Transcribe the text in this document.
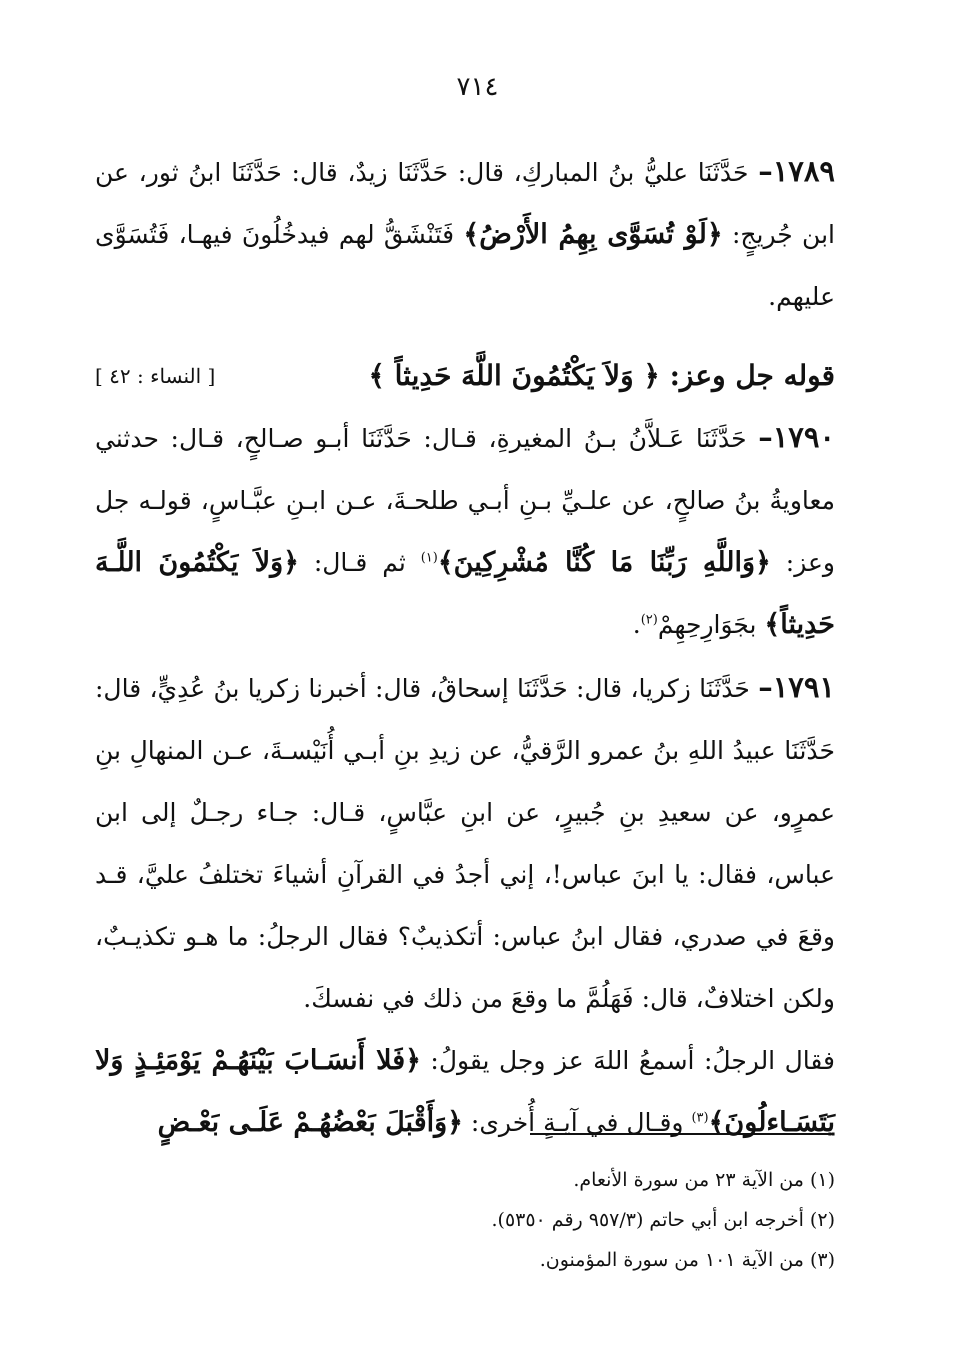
٧١٤

١٧٨٩– حَدَّثَنَا عليُّ بنُ المباركِ، قال: حَدَّثَنَا زيدٌ، قال: حَدَّثَنَا ابنُ ثور، عن ابن جُريجٍ: ﴿لَوْ تُسَوَّى بِهِمُ الأَرْضُ﴾ فَتَنْشَقُّ لهم فيدخُلُونَ فيهـا، فَتُسَوَّى عليهم.

قوله جل وعز: ﴿ وَلاَ يَكْتُمُونَ اللَّهَ حَدِيثاً ﴾
[ النساء : ٤٢ ]

١٧٩٠– حَدَّثَنَا عَـلاَّنُ بـنُ المغيرةِ، قـال: حَدَّثَنَا أبـو صـالحٍ، قـال: حدثني معاويةُ بنُ صالحٍ، عن علـيِّ بـنِ أبـي طلحـةَ، عـن ابـنِ عبَّـاسٍ، قولـه جل وعز: ﴿وَاللَّهِ رَبِّنَا مَا كُنَّا مُشْرِكِينَ﴾$^{(١)}$ ثم قـال: ﴿وَلاَ يَكْتُمُونَ اللَّـهَ حَدِيثاً﴾ بجَوَارِحِهِمْ$^{(٢)}$.

١٧٩١– حَدَّثَنَا زكريا، قال: حَدَّثَنَا إسحاقُ، قال: أخبرنا زكريا بنُ عُدِيٍّ، قال: حَدَّثَنَا عبيدُ اللهِ بنُ عمرو الرَّقيُّ، عن زيدِ بنِ أبـي أُنَيْسـةَ، عـن المنهالِ بنِ عمرٍو، عن سعيدِ بنِ جُبيرٍ، عن ابنِ عبَّاسٍ، قـال: جـاء رجـلٌ إلى ابن عباس، فقال: يا ابنَ عباس!، إني أجدُ في القرآنِ أشياءَ تختلفُ عليَّ، قـد وقعَ في صدري، فقال ابنُ عباس: أتكذيبٌ؟ فقال الرجلُ: ما هـو تكذيـبٌ، ولكن اختلافٌ، قال: فَهَلُمَّ ما وقعَ من ذلك في نفسكَ.

فقال الرجلُ: أسمعُ اللهَ عز وجل يقولُ: ﴿فَلا أَنسَـابَ بَيْنَهُـمْ يَوْمَئِـذٍ وَلا يَتَسَـاءلُونَ﴾$^{(٣)}$ وقـال في آيـةٍ أُخرى: ﴿وَأَقْبَلَ بَعْضُهُـمْ عَلَـى بَعْـضٍ

(١) من الآية ٢٣ من سورة الأنعام.

(٢) أخرجه ابن أبي حاتم (٩٥٧/٣ رقم ٥٣٥٠).

(٣) من الآية ١٠١ من سورة المؤمنون.
